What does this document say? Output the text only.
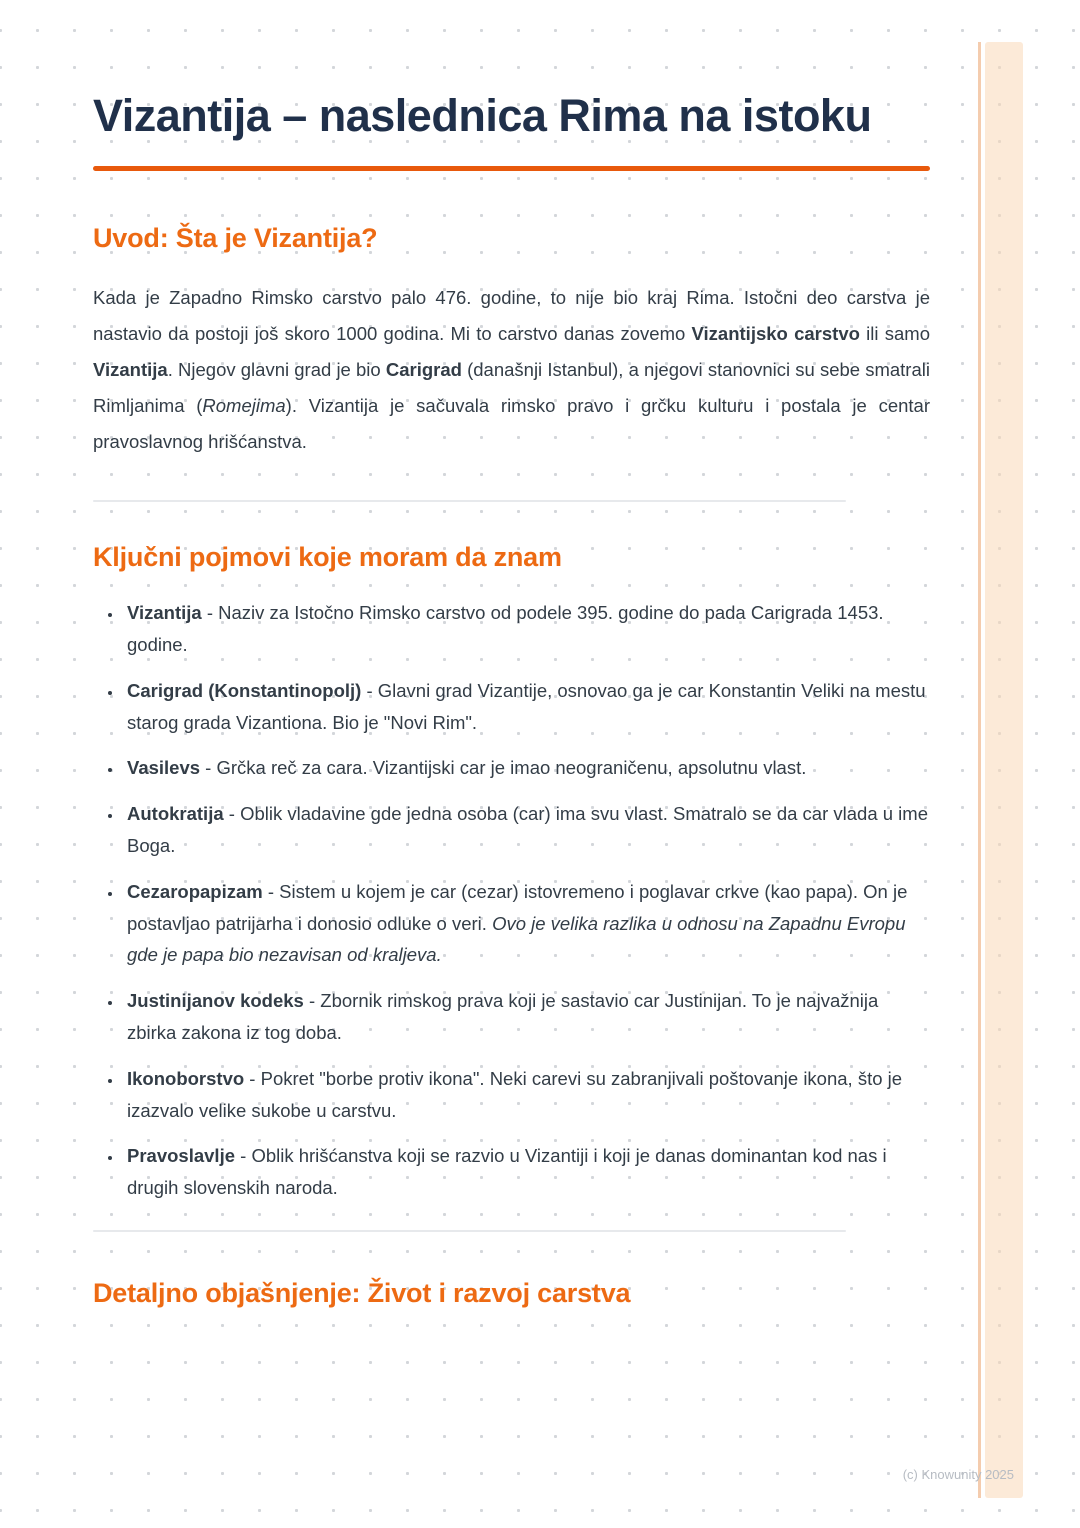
Vizantija – naslednica Rima na istoku
Uvod: Šta je Vizantija?

Kada je Zapadno Rimsko carstvo palo 476. godine, to nije bio kraj Rima. Istočni deo carstva je nastavio da postoji još skoro 1000 godina. Mi to carstvo danas zovemo Vizantijsko carstvo ili samo Vizantija. Njegov glavni grad je bio Carigrad (današnji Istanbul), a njegovi stanovnici su sebe smatrali Rimljanima (Romejima). Vizantija je sačuvala rimsko pravo i grčku kulturu i postala je centar pravoslavnog hrišćanstva.

Ključni pojmovi koje moram da znam
• Vizantija - Naziv za Istočno Rimsko carstvo od podele 395. godine do pada Carigrada 1453. godine.
• Carigrad (Konstantinopolj) - Glavni grad Vizantije, osnovao ga je car Konstantin Veliki na mestu starog grada Vizantiona. Bio je "Novi Rim".
• Vasilevs - Grčka reč za cara. Vizantijski car je imao neograničenu, apsolutnu vlast.
• Autokratija - Oblik vladavine gde jedna osoba (car) ima svu vlast. Smatralo se da car vlada u ime Boga.
• Cezaropapizam - Sistem u kojem je car (cezar) istovremeno i poglavar crkve (kao papa). On je postavljao patrijarha i donosio odluke o veri. Ovo je velika razlika u odnosu na Zapadnu Evropu gde je papa bio nezavisan od kraljeva.
• Justinijanov kodeks - Zbornik rimskog prava koji je sastavio car Justinijan. To je najvažnija zbirka zakona iz tog doba.
• Ikonoborstvo - Pokret "borbe protiv ikona". Neki carevi su zabranjivali poštovanje ikona, što je izazvalo velike sukobe u carstvu.
• Pravoslavlje - Oblik hrišćanstva koji se razvio u Vizantiji i koji je danas dominantan kod nas i drugih slovenskih naroda.
Detaljno objašnjenje: Život i razvoj carstva
(c) Knowunity 2025
